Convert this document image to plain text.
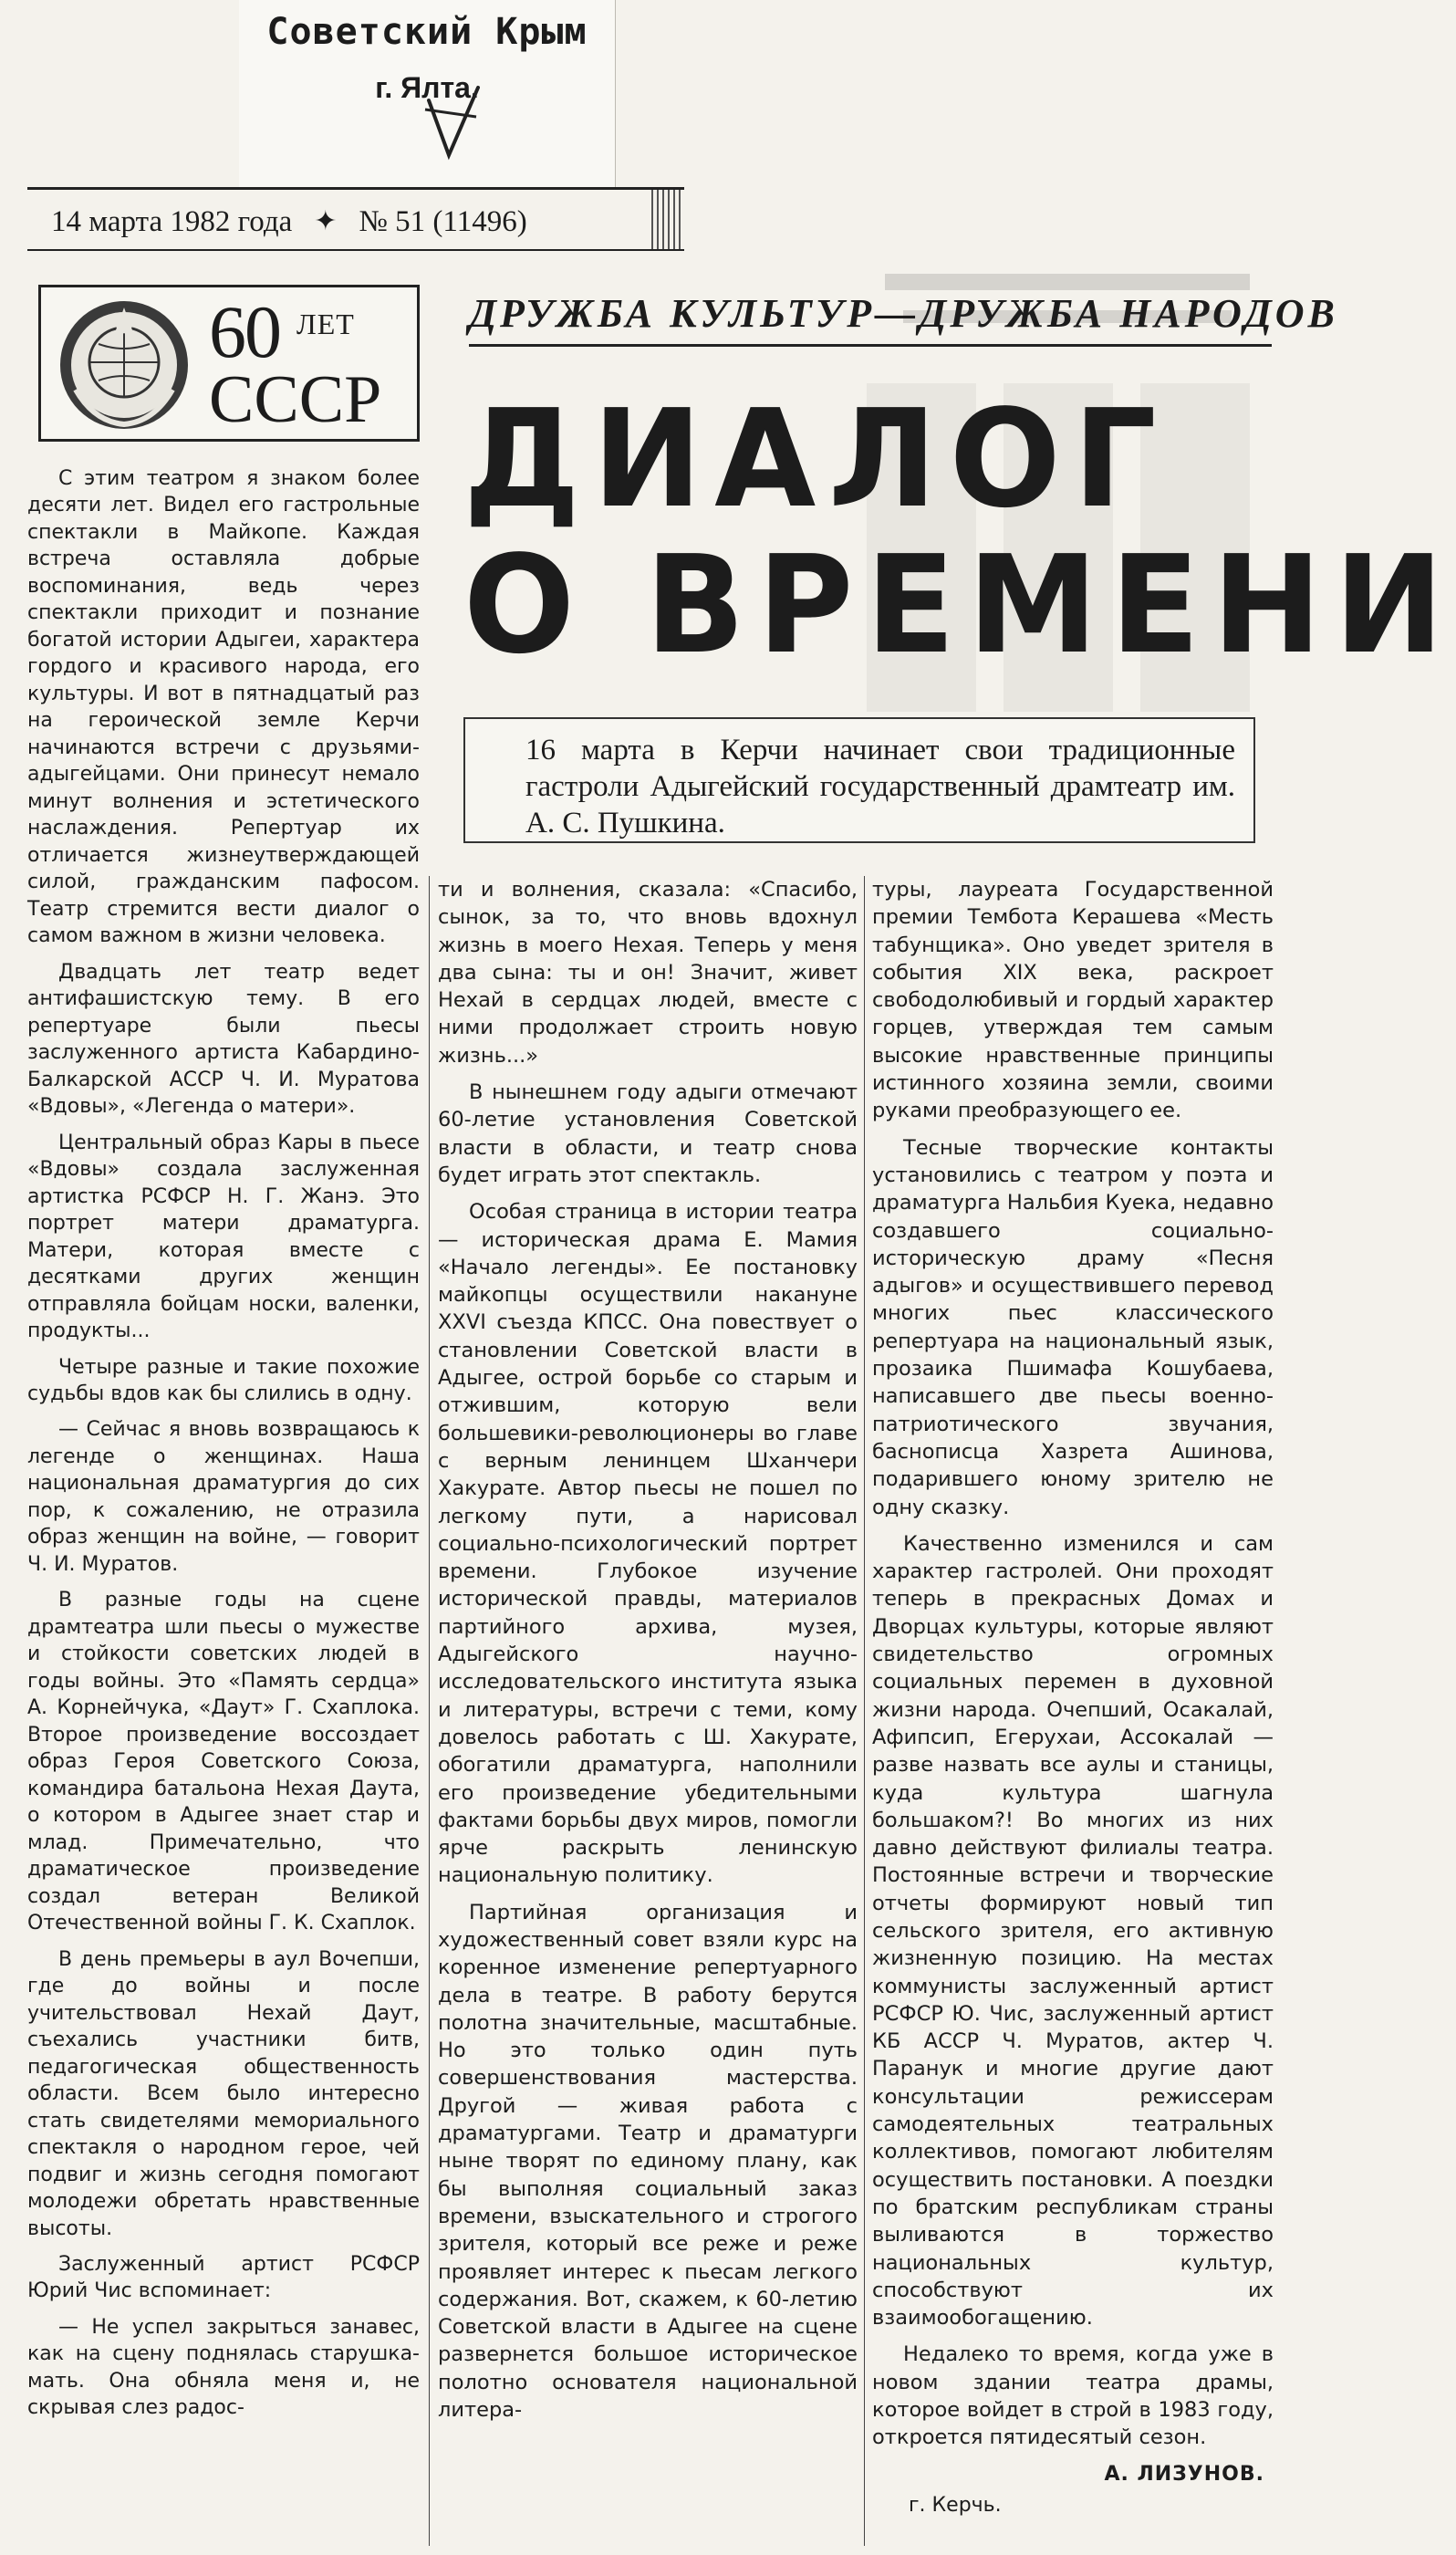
Советский Крым
г. Ялта.
14 марта 1982 года ✦ № 51 (11496)
60 ЛЕТ
СССР
ДРУЖБА КУЛЬТУР—ДРУЖБА НАРОДОВ
ДИАЛОГ
О ВРЕМЕНИ
16 марта в Керчи начинает свои традиционные гастроли Адыгейский государственный драмтеатр им. А. С. Пушкина.

С этим театром я знаком более десяти лет. Видел его гастрольные спектакли в Майкопе. Каждая встреча оставляла добрые воспоминания, ведь через спектакли приходит и познание богатой истории Адыгеи, характера гордого и красивого народа, его культуры. И вот в пятнадцатый раз на героической земле Керчи начинаются встречи с друзьями-адыгейцами. Они принесут немало минут волнения и эстетического наслаждения. Репертуар их отличается жизнеутверждающей силой, гражданским пафосом. Театр стремится вести диалог о самом важном в жизни человека.

Двадцать лет театр ведет антифашистскую тему. В его репертуаре были пьесы заслуженного артиста Кабардино-Балкарской АССР Ч. И. Муратова «Вдовы», «Легенда о матери».

Центральный образ Кары в пьесе «Вдовы» создала заслуженная артистка РСФСР Н. Г. Жанэ. Это портрет матери драматурга. Матери, которая вместе с десятками других женщин отправляла бойцам носки, валенки, продукты...

Четыре разные и такие похожие судьбы вдов как бы слились в одну.

— Сейчас я вновь возвращаюсь к легенде о женщинах. Наша национальная драматургия до сих пор, к сожалению, не отразила образ женщин на войне, — говорит Ч. И. Муратов.

В разные годы на сцене драмтеатра шли пьесы о мужестве и стойкости советских людей в годы войны. Это «Память сердца» А. Корнейчука, «Даут» Г. Схаплока. Второе произведение воссоздает образ Героя Советского Союза, командира батальона Нехая Даута, о котором в Адыгее знает стар и млад. Примечательно, что драматическое произведение создал ветеран Великой Отечественной войны Г. К. Схаплок.

В день премьеры в аул Вочепши, где до войны и после учительствовал Нехай Даут, съехались участники битв, педагогическая общественность области. Всем было интересно стать свидетелями мемориального спектакля о народном герое, чей подвиг и жизнь сегодня помогают молодежи обретать нравственные высоты.

Заслуженный артист РСФСР Юрий Чис вспоминает:

— Не успел закрыться занавес, как на сцену поднялась старушка-мать. Она обняла меня и, не скрывая слез радос-

ти и волнения, сказала: «Спасибо, сынок, за то, что вновь вдохнул жизнь в моего Нехая. Теперь у меня два сына: ты и он! Значит, живет Нехай в сердцах людей, вместе с ними продолжает строить новую жизнь...»

В нынешнем году адыги отмечают 60-летие установления Советской власти в области, и театр снова будет играть этот спектакль.

Особая страница в истории театра — историческая драма Е. Мамия «Начало легенды». Ее постановку майкопцы осуществили накануне XXVI съезда КПСС. Она повествует о становлении Советской власти в Адыгее, острой борьбе со старым и отжившим, которую вели большевики-революционеры во главе с верным ленинцем Шханчери Хакурате. Автор пьесы не пошел по легкому пути, а нарисовал социально-психологический портрет времени. Глубокое изучение исторической правды, материалов партийного архива, музея, Адыгейского научно-исследовательского института языка и литературы, встречи с теми, кому довелось работать с Ш. Хакурате, обогатили драматурга, наполнили его произведение убедительными фактами борьбы двух миров, помогли ярче раскрыть ленинскую национальную политику.

Партийная организация и художественный совет взяли курс на коренное изменение репертуарного дела в театре. В работу берутся полотна значительные, масштабные. Но это только один путь совершенствования мастерства. Другой — живая работа с драматургами. Театр и драматурги ныне творят по единому плану, как бы выполняя социальный заказ времени, взыскательного и строгого зрителя, который все реже и реже проявляет интерес к пьесам легкого содержания. Вот, скажем, к 60-летию Советской власти в Адыгее на сцене развернется большое историческое полотно основателя национальной литера-

туры, лауреата Государственной премии Тембота Керашева «Месть табунщика». Оно уведет зрителя в события XIX века, раскроет свободолюбивый и гордый характер горцев, утверждая тем самым высокие нравственные принципы истинного хозяина земли, своими руками преобразующего ее.

Тесные творческие контакты установились с театром у поэта и драматурга Нальбия Куека, недавно создавшего социально-историческую драму «Песня адыгов» и осуществившего перевод многих пьес классического репертуара на национальный язык, прозаика Пшимафа Кошубаева, написавшего две пьесы военно-патриотического звучания, баснописца Хазрета Ашинова, подарившего юному зрителю не одну сказку.

Качественно изменился и сам характер гастролей. Они проходят теперь в прекрасных Домах и Дворцах культуры, которые являют свидетельство огромных социальных перемен в духовной жизни народа. Очепший, Осакалай, Афипсип, Егерухаи, Ассокалай — разве назвать все аулы и станицы, куда культура шагнула большаком?! Во многих из них давно действуют филиалы театра. Постоянные встречи и творческие отчеты формируют новый тип сельского зрителя, его активную жизненную позицию. На местах коммунисты заслуженный артист РСФСР Ю. Чис, заслуженный артист КБ АССР Ч. Муратов, актер Ч. Паранук и многие другие дают консультации режиссерам самодеятельных театральных коллективов, помогают любителям осуществить постановки. А поездки по братским республикам страны выливаются в торжество национальных культур, способствуют их взаимообогащению.

Недалеко то время, когда уже в новом здании театра драмы, которое войдет в строй в 1983 году, откроется пятидесятый сезон.

А. ЛИЗУНОВ.
г. Керчь.
